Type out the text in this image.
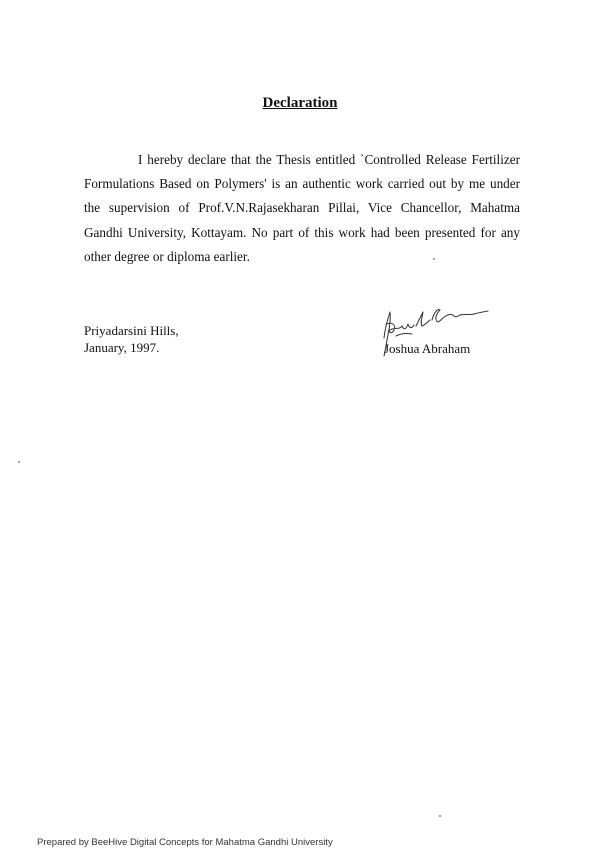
Declaration

I hereby declare that the Thesis entitled `Controlled Release Fertilizer Formulations Based on Polymers' is an authentic work carried out by me under the supervision of Prof.V.N.Rajasekharan Pillai, Vice Chancellor, Mahatma Gandhi University, Kottayam. No part of this work had been presented for any other degree or diploma earlier.

Priyadarsini Hills,
January, 1997.	Joshua Abraham
Prepared by BeeHive Digital Concepts for Mahatma Gandhi University
